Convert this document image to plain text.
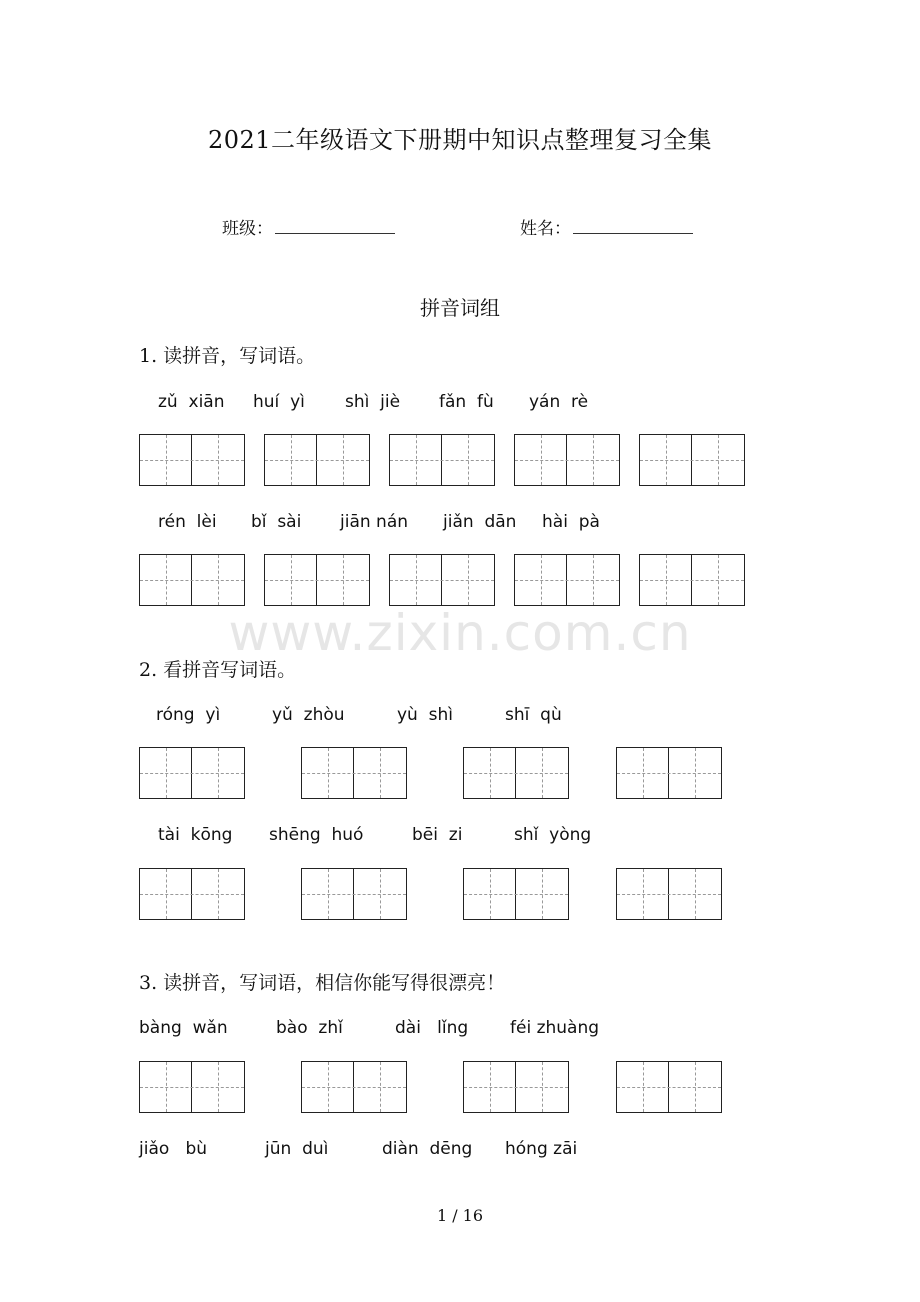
2021二年级语文下册期中知识点整理复习全集
班级：	姓名：
拼音词组
www.zixin.com.cn
1. 读拼音，写词语。
zǔ  xiān huí  yì shì  jiè fǎn  fù yán  rè
rén  lèi bǐ  sài jiān nán jiǎn  dān hài  pà
2. 看拼音写词语。
róng  yì	yǔ  zhòu	yù  shì	shī  qù
tài  kōng shēng  huó	bēi  zi	shǐ  yòng
3. 读拼音，写词语，相信你能写得很漂亮！
bàng  wǎn	bào  zhǐ	dài   lǐng féi zhuàng
jiǎo   bù	jūn  duì	diàn  dēng hóng zāi
1 / 16
